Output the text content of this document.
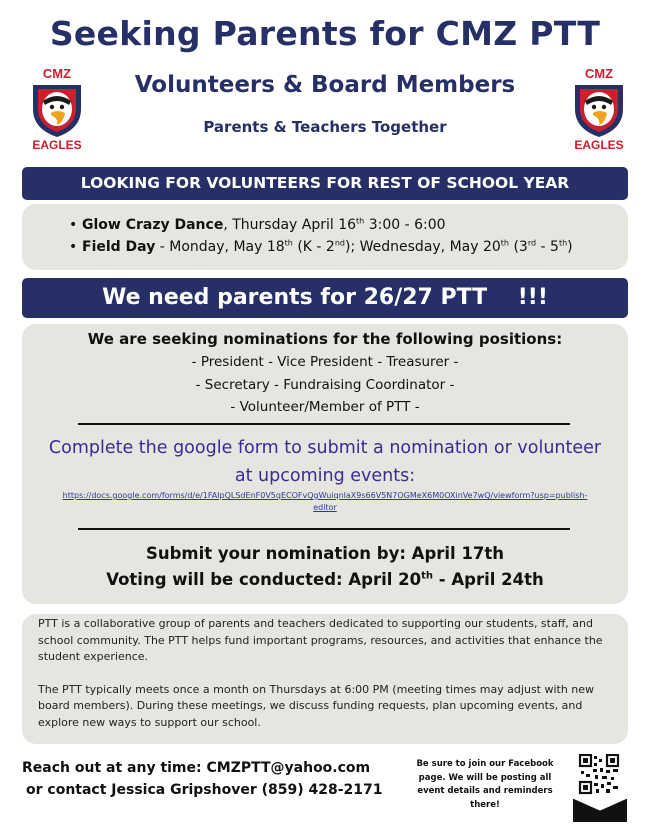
Seeking Parents for CMZ PTT
CMZ
EAGLES
CMZ
EAGLES
Volunteers & Board Members
Parents & Teachers Together
LOOKING FOR VOLUNTEERS FOR REST OF SCHOOL YEAR
• Glow Crazy Dance, Thursday April 16th 3:00 - 6:00
• Field Day - Monday, May 18th (K - 2nd); Wednesday, May 20th (3rd - 5th)
We need parents for 26/27 PTT    !!!
We are seeking nominations for the following positions:
- President - Vice President - Treasurer -
- Secretary - Fundraising Coordinator -
- Volunteer/Member of PTT -
Complete the google form to submit a nomination or volunteer at upcoming events:
https://docs.google.com/forms/d/e/1FAIpQLSdEnF0V5qECOFvQgWuiqnlaX9s66V5N7OGMeX6M0OXinVe7wQ/viewform?usp=publish-editor
Submit your nomination by: April 17th
Voting will be conducted: April 20th - April 24th

PTT is a collaborative group of parents and teachers dedicated to supporting our students, staff, and school community. The PTT helps fund important programs, resources, and activities that enhance the student experience.

The PTT typically meets once a month on Thursdays at 6:00 PM (meeting times may adjust with new board members). During these meetings, we discuss funding requests, plan upcoming events, and explore new ways to support our school.

Reach out at any time: CMZPTT@yahoo.com
or contact Jessica Gripshover (859) 428-2171
Be sure to join our Facebook page. We will be posting all event details and reminders there!
